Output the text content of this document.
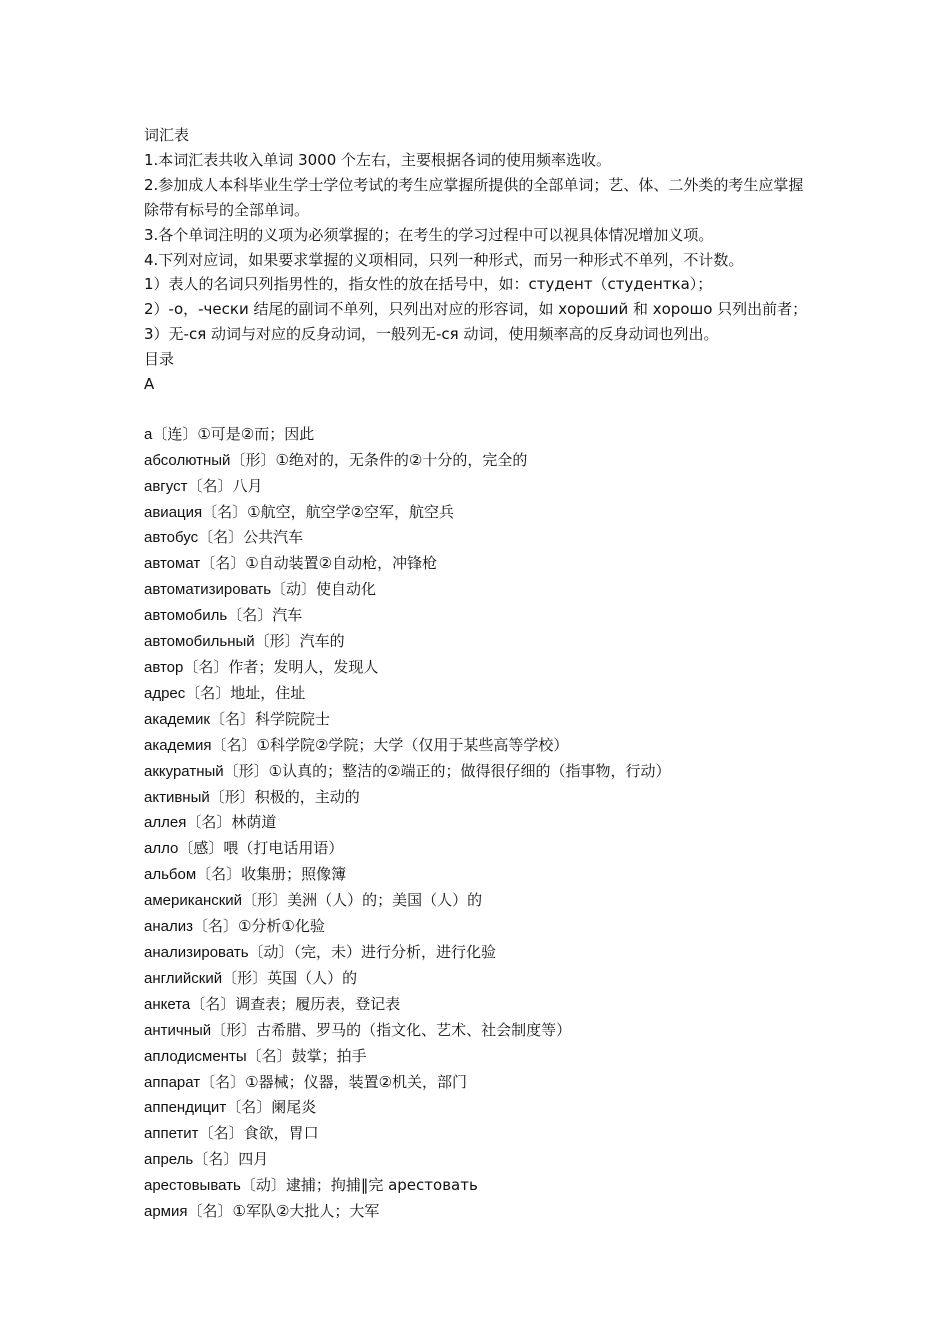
词汇表
1.本词汇表共收入单词 3000 个左右，主要根据各词的使用频率选收。
2.参加成人本科毕业生学士学位考试的考生应掌握所提供的全部单词；艺、体、二外类的考生应掌握除带有标号的全部单词。
3.各个单词注明的义项为必须掌握的；在考生的学习过程中可以视具体情况增加义项。
4.下列对应词，如果要求掌握的义项相同，只列一种形式，而另一种形式不单列，不计数。
1）表人的名词只列指男性的，指女性的放在括号中，如：студент（студентка）；
2）-о，-чески 结尾的副词不单列，只列出对应的形容词，如 хороший 和 хорошо 只列出前者；
3）无-ся 动词与对应的反身动词，一般列无-ся 动词，使用频率高的反身动词也列出。
目录
A
а〔连〕①可是②而；因此
абсолютный〔形〕①绝对的，无条件的②十分的，完全的
август〔名〕八月
авиация〔名〕①航空，航空学②空军，航空兵
автобус〔名〕公共汽车
автомат〔名〕①自动装置②自动枪，冲锋枪
автоматизировать〔动〕使自动化
автомобиль〔名〕汽车
автомобильный〔形〕汽车的
автор〔名〕作者；发明人，发现人
адрес〔名〕地址，住址
академик〔名〕科学院院士
академия〔名〕①科学院②学院；大学（仅用于某些高等学校）
аккуратный〔形〕①认真的；整洁的②端正的；做得很仔细的（指事物，行动）
активный〔形〕积极的，主动的
аллея〔名〕林荫道
алло〔感〕喂（打电话用语）
альбом〔名〕收集册；照像簿
американский〔形〕美洲（人）的；美国（人）的
анализ〔名〕①分析①化验
анализировать〔动〕（完，未）进行分析，进行化验
английский〔形〕英国（人）的
анкета〔名〕调查表；履历表，登记表
античный〔形〕古希腊、罗马的（指文化、艺术、社会制度等）
аплодисменты〔名〕鼓掌；拍手
аппарат〔名〕①器械；仪器，装置②机关，部门
аппендицит〔名〕阑尾炎
аппетит〔名〕食欲，胃口
апрель〔名〕四月
арестовывать〔动〕逮捕；拘捕‖完 арестовать
армия〔名〕①军队②大批人；大军
